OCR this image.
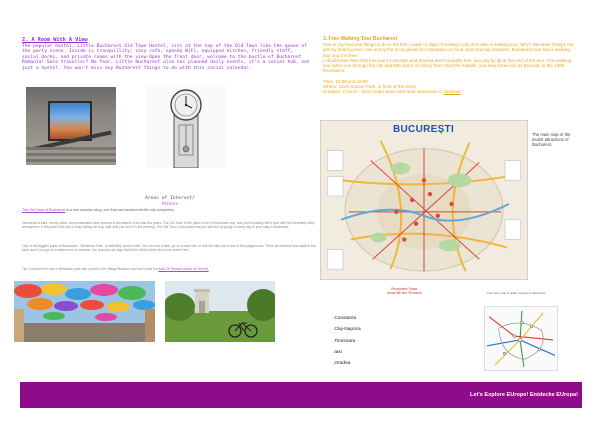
2. A Room With A View
The popular hostel, Little Bucharest Old Town Hostel, sits at the top of the Old Town like the queen of the party scene. Inside is tranquillity; cosy cafe, speedy WiFi, equipped kitchen, friendly staff, social dorms, and private rooms with the view.Open the front door, welcome to the bustle of Bucharest Romania! Solo traveller? No fear, Little Bucharest also has planned daily events, it's a social hub, not just a hostel. You won't miss any Bucharest things to do with this social calendar.
Areas of Interest/
Athens
The Old Town of Bucharest is a real success story, one that has transformed the city completely.
Hundreds of bars, trendy cafes, and restaurants have opened in Bucharest in the last few years. The Old Town is the place to be in Bucharest now, and you'll instantly fall in love with the incredibly lively atmosphere. If this part of the city is busy during the day, wait until you see it in the evening. The Old Town is the place that you will end up going to every day of your stay in Bucharest.
One of the biggest parks of Bucharest - Herastrau Park - is definitely worth a visit. You can rent a bike, go on a boat ride, or hire the kids out in one of the playgrounds. There are several food stalls in the park, and if you go on a weekend or in summer, the chances are high that there will be some kind of an event here.
Tip: Combine this visit to Herastrau park with a visit to the Village Museum and don't miss the Arch Of Triumph (Arcul de Triumf).
Lipscani Umbrella Street
3. Free Walking Tour Bucharest
One of my favourite things to do in the first couple of days of visiting a city is to take a walking tour. Why? Because it helps me get my bearing and I can annoy the local guides for inspiration on food, bars and top activities. Bucharest now has a walking tour and it is free.
I should note here that free tours in Europe and beyond aren't actually free, you pay by tip at the end of the tour. This walking tour takes you through the city and 500 years of history from Vlad the Impaler, you may know him as Dracula, to the 1989 Revolution.
Time: 10:00 and 18:00
Where: Unirii Square Park, in front of the Clock
Duration: 2 hours - don't forget water and wear sunscreen in Summer
BUCUREȘTI	The main map of the tourist attractions of Bucharest.
Principalele Orase
Areas We can /Romania
.Constanta
.Cluj-Napoca
.Timisoara
.Iasi
.Oradea
The metro map of public transport in Bucharest.
Let's Explore EUrope! Entdecke EUropa!
